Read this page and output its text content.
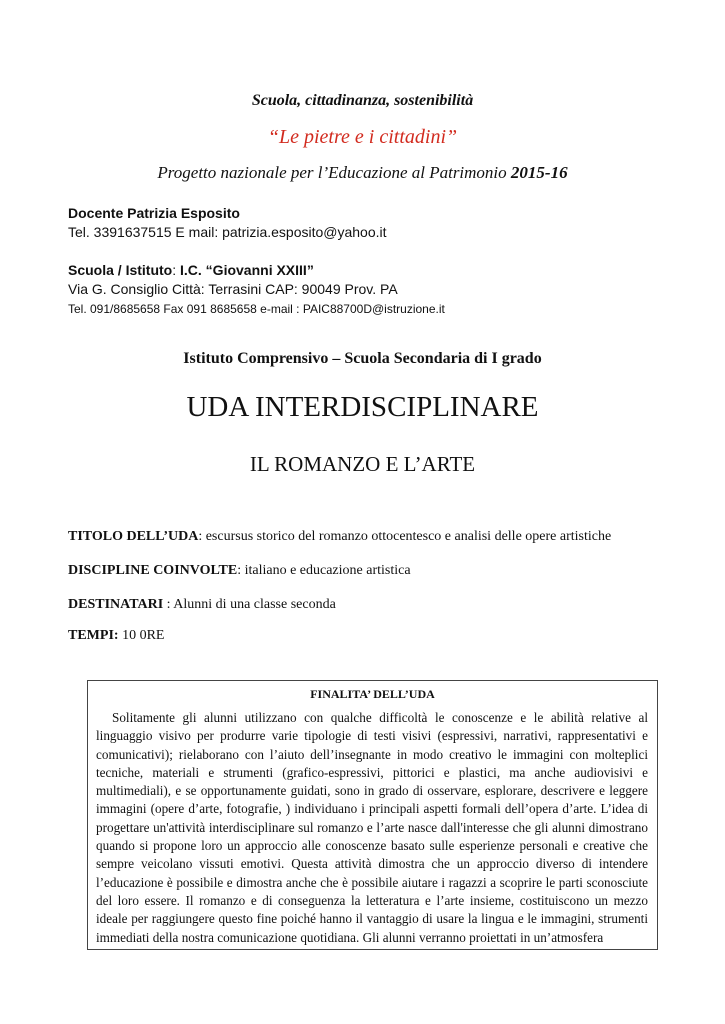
Scuola, cittadinanza, sostenibilità
“Le pietre e i cittadini”
Progetto nazionale per l’Educazione al Patrimonio 2015-16
Docente Patrizia Esposito
Tel. 3391637515 E mail: patrizia.esposito@yahoo.it
Scuola / Istituto: I.C. “Giovanni XXIII”
Via G. Consiglio Città: Terrasini CAP: 90049 Prov. PA
Tel. 091/8685658 Fax 091 8685658 e-mail : PAIC88700D@istruzione.it
Istituto Comprensivo – Scuola Secondaria di I grado
UDA INTERDISCIPLINARE
IL ROMANZO E L’ARTE
TITOLO DELL’UDA: escursus storico del romanzo ottocentesco e analisi delle opere artistiche
DISCIPLINE COINVOLTE: italiano e educazione artistica
DESTINATARI : Alunni di una classe seconda
TEMPI: 10 0RE
FINALITA’ DELL’UDA

Solitamente gli alunni utilizzano con qualche difficoltà le conoscenze e le abilità relative al linguaggio visivo per produrre varie tipologie di testi visivi (espressivi, narrativi, rappresentativi e comunicativi); rielaborano con l’aiuto dell’insegnante in modo creativo le immagini con molteplici tecniche, materiali e strumenti (grafico-espressivi, pittorici e plastici, ma anche audiovisivi e multimediali), e se opportunamente guidati, sono in grado di osservare, esplorare, descrivere e leggere immagini (opere d’arte, fotografie, ) individuano i principali aspetti formali dell’opera d’arte. L’idea di progettare un'attività interdisciplinare sul romanzo e l’arte nasce dall'interesse che gli alunni dimostrano quando si propone loro un approccio alle conoscenze basato sulle esperienze personali e creative che sempre veicolano vissuti emotivi. Questa attività dimostra che un approccio diverso di intendere l’educazione è possibile e dimostra anche che è possibile aiutare i ragazzi a scoprire le parti sconosciute del loro essere. Il romanzo e di conseguenza la letteratura e l’arte insieme, costituiscono un mezzo ideale per raggiungere questo fine poiché hanno il vantaggio di usare la lingua e le immagini, strumenti immediati della nostra comunicazione quotidiana. Gli alunni verranno proiettati in un’atmosfera
